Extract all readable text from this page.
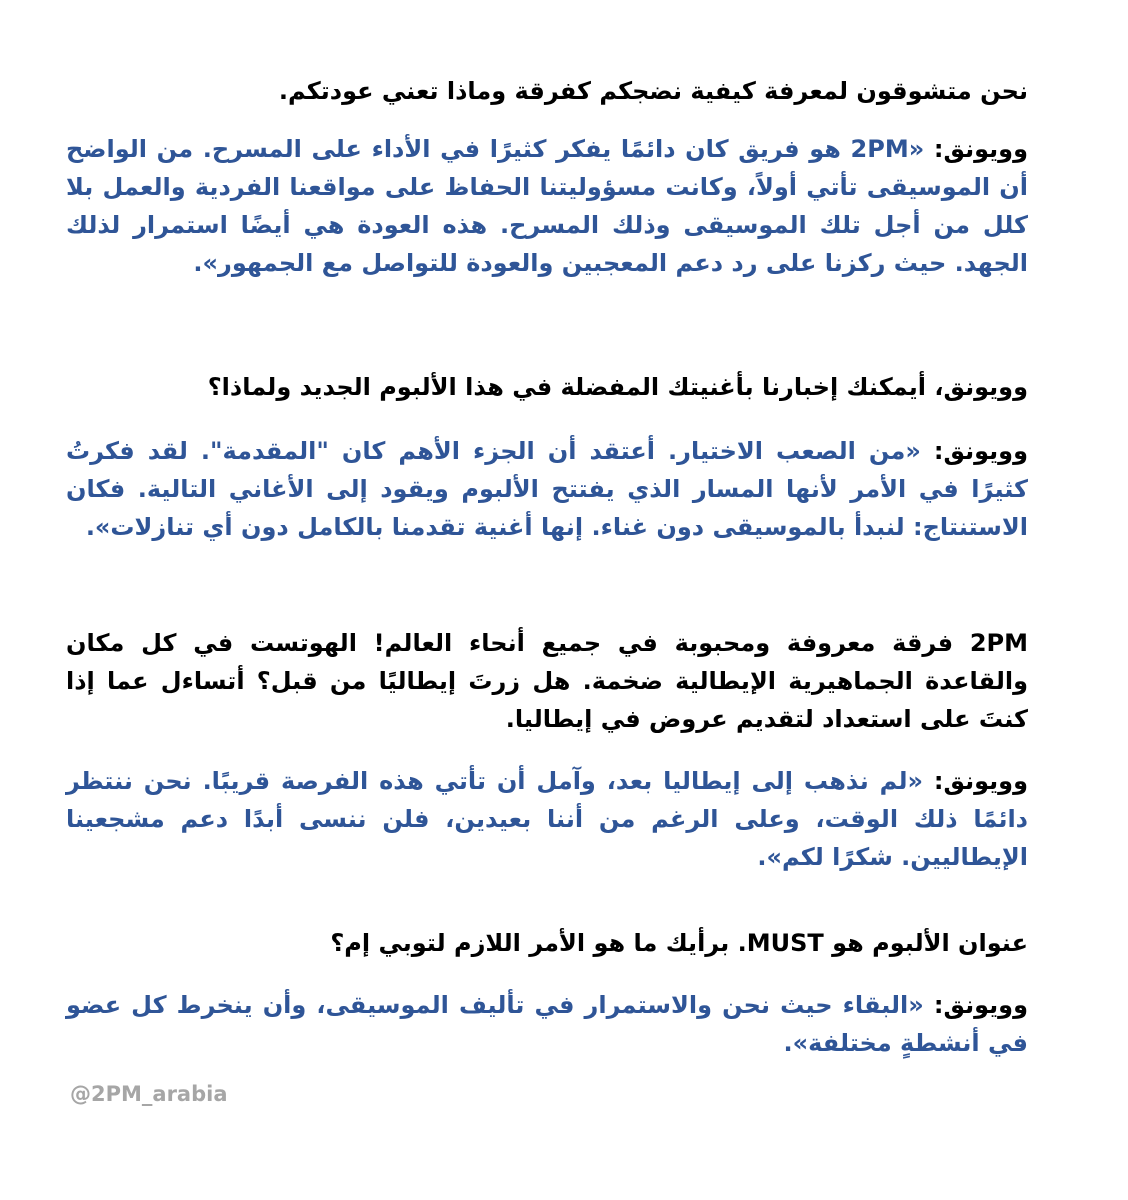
نحن متشوقون لمعرفة كيفية نضجكم كفرقة وماذا تعني عودتكم.

وويونق: «2PM هو فريق كان دائمًا يفكر كثيرًا في الأداء على المسرح. من الواضح أن الموسيقى تأتي أولاً، وكانت مسؤوليتنا الحفاظ على مواقعنا الفردية والعمل بلا كلل من أجل تلك الموسيقى وذلك المسرح. هذه العودة هي أيضًا استمرار لذلك الجهد. حيث ركزنا على رد دعم المعجبين والعودة للتواصل مع الجمهور».

وويونق، أيمكنك إخبارنا بأغنيتك المفضلة في هذا الألبوم الجديد ولماذا؟

وويونق: «من الصعب الاختيار. أعتقد أن الجزء الأهم كان "المقدمة". لقد فكرتُ كثيرًا في الأمر لأنها المسار الذي يفتتح الألبوم ويقود إلى الأغاني التالية. فكان الاستنتاج: لنبدأ بالموسيقى دون غناء. إنها أغنية تقدمنا بالكامل دون أي تنازلات».

2PM فرقة معروفة ومحبوبة في جميع أنحاء العالم! الهوتست في كل مكان والقاعدة الجماهيرية الإيطالية ضخمة. هل زرتَ إيطاليًا من قبل؟ أتساءل عما إذا كنتَ على استعداد لتقديم عروض في إيطاليا.

وويونق: «لم نذهب إلى إيطاليا بعد، وآمل أن تأتي هذه الفرصة قريبًا. نحن ننتظر دائمًا ذلك الوقت، وعلى الرغم من أننا بعيدين، فلن ننسى أبدًا دعم مشجعينا الإيطاليين. شكرًا لكم».

عنوان الألبوم هو MUST. برأيك ما هو الأمر اللازم لتوبي إم؟

وويونق: «البقاء حيث نحن والاستمرار في تأليف الموسيقى، وأن ينخرط كل عضو في أنشطةٍ مختلفة».

@2PM_arabia
